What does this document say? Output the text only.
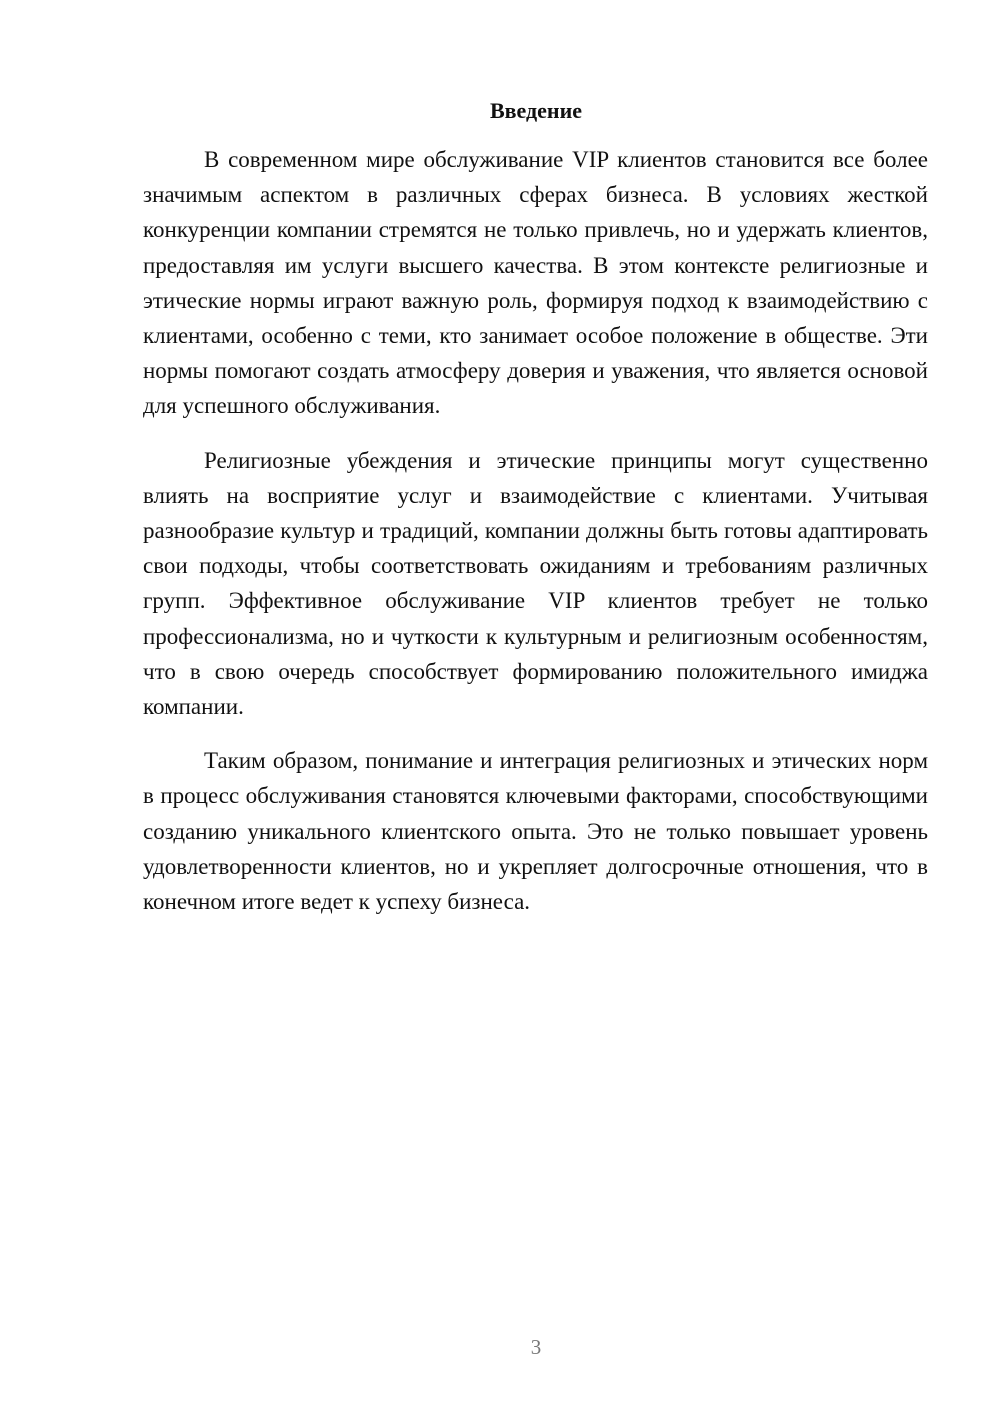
Введение

В современном мире обслуживание VIP клиентов становится все более значимым аспектом в различных сферах бизнеса. В условиях жесткой конкуренции компании стремятся не только привлечь, но и удержать клиентов, предоставляя им услуги высшего качества. В этом контексте религиозные и этические нормы играют важную роль, формируя подход к взаимодействию с клиентами, особенно с теми, кто занимает особое положение в обществе. Эти нормы помогают создать атмосферу доверия и уважения, что является основой для успешного обслуживания.

Религиозные убеждения и этические принципы могут существенно влиять на восприятие услуг и взаимодействие с клиентами. Учитывая разнообразие культур и традиций, компании должны быть готовы адаптировать свои подходы, чтобы соответствовать ожиданиям и требованиям различных групп. Эффективное обслуживание VIP клиентов требует не только профессионализма, но и чуткости к культурным и религиозным особенностям, что в свою очередь способствует формированию положительного имиджа компании.

Таким образом, понимание и интеграция религиозных и этических норм в процесс обслуживания становятся ключевыми факторами, способствующими созданию уникального клиентского опыта. Это не только повышает уровень удовлетворенности клиентов, но и укрепляет долгосрочные отношения, что в конечном итоге ведет к успеху бизнеса.

3
